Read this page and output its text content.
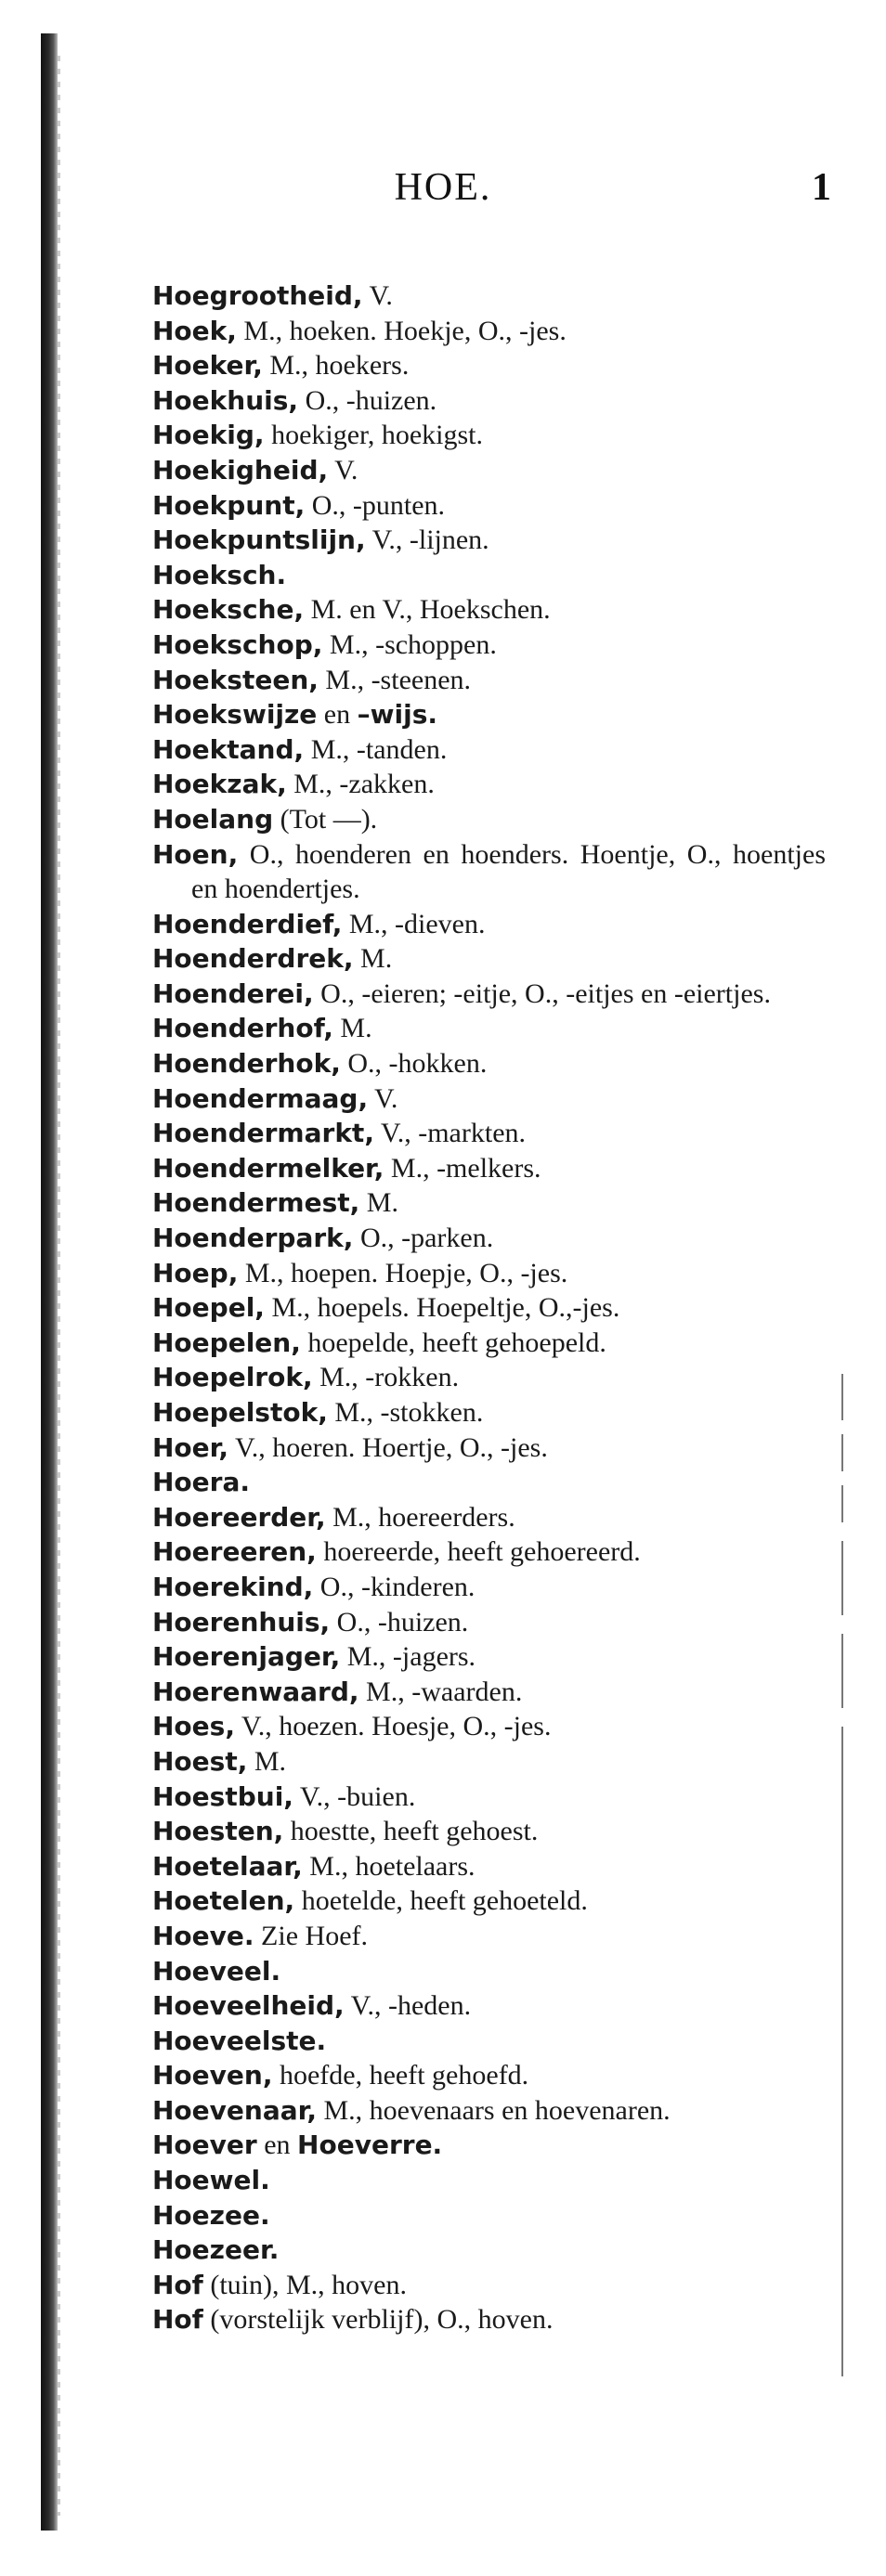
HOE.	1
Hoegrootheid, V.
Hoek, M., hoeken. Hoekje, O., -jes.
Hoeker, M., hoekers.
Hoekhuis, O., -huizen.
Hoekig, hoekiger, hoekigst.
Hoekigheid, V.
Hoekpunt, O., -punten.
Hoekpuntslijn, V., -lijnen.
Hoeksch.
Hoeksche, M. en V., Hoekschen.
Hoekschop, M., -schoppen.
Hoeksteen, M., -steenen.
Hoekswijze en –wijs.
Hoektand, M., -tanden.
Hoekzak, M., -zakken.
Hoelang (Tot —).
Hoen, O., hoenderen en hoenders. Hoentje, O., hoentjes en hoendertjes.
Hoenderdief, M., -dieven.
Hoenderdrek, M.
Hoenderei, O., -eieren; -eitje, O., -eitjes en -eiertjes.
Hoenderhof, M.
Hoenderhok, O., -hokken.
Hoendermaag, V.
Hoendermarkt, V., -markten.
Hoendermelker, M., -melkers.
Hoendermest, M.
Hoenderpark, O., -parken.
Hoep, M., hoepen. Hoepje, O., -jes.
Hoepel, M., hoepels. Hoepeltje, O.,-jes.
Hoepelen, hoepelde, heeft gehoepeld.
Hoepelrok, M., -rokken.
Hoepelstok, M., -stokken.
Hoer, V., hoeren. Hoertje, O., -jes.
Hoera.
Hoereerder, M., hoereerders.
Hoereeren, hoereerde, heeft gehoereerd.
Hoerekind, O., -kinderen.
Hoerenhuis, O., -huizen.
Hoerenjager, M., -jagers.
Hoerenwaard, M., -waarden.
Hoes, V., hoezen. Hoesje, O., -jes.
Hoest, M.
Hoestbui, V., -buien.
Hoesten, hoestte, heeft gehoest.
Hoetelaar, M., hoetelaars.
Hoetelen, hoetelde, heeft gehoeteld.
Hoeve. Zie Hoef.
Hoeveel.
Hoeveelheid, V., -heden.
Hoeveelste.
Hoeven, hoefde, heeft gehoefd.
Hoevenaar, M., hoevenaars en hoevenaren.
Hoever en Hoeverre.
Hoewel.
Hoezee.
Hoezeer.
Hof (tuin), M., hoven.
Hof (vorstelijk verblijf), O., hoven.
